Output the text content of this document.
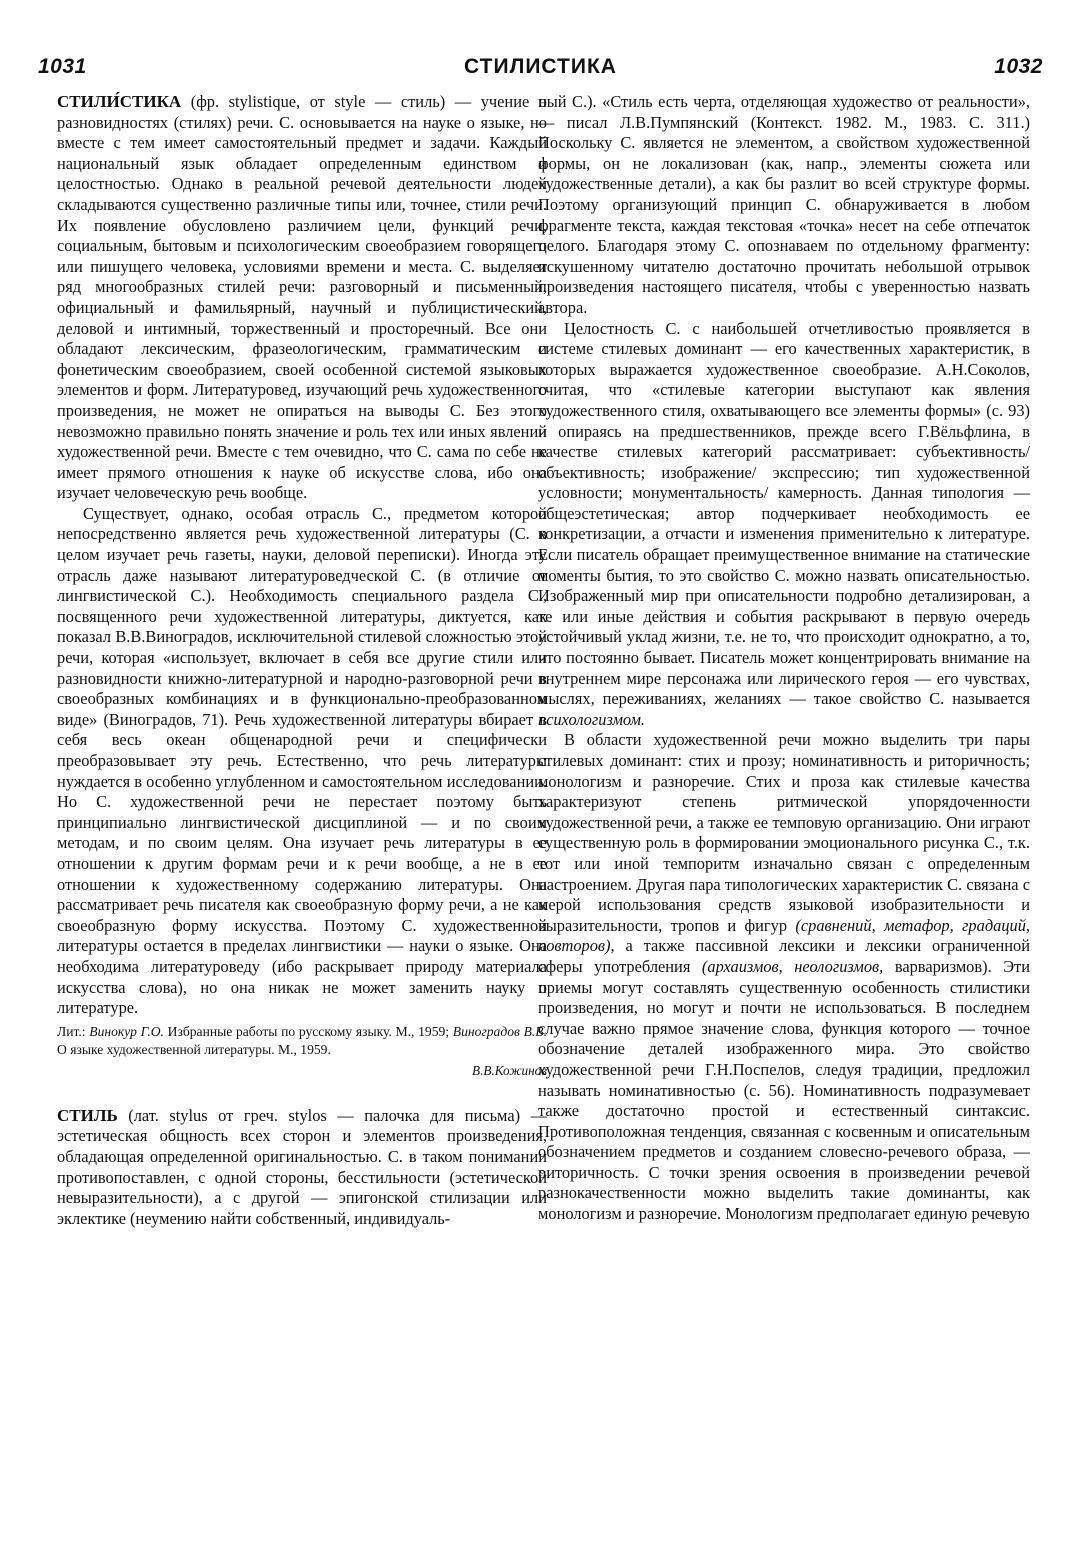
1031	СТИЛИСТИКА	1032

СТИЛИ́СТИКА (фр. stylistique, от style — стиль) — учение о разновидностях (стилях) речи. С. основывается на науке о языке, но вместе с тем имеет самостоятельный предмет и задачи. Каждый национальный язык обладает определенным единством и целостностью. Однако в реальной речевой деятельности людей складываются существенно различные типы или, точнее, стили речи. Их появление обусловлено различием цели, функций речи, социальным, бытовым и психологическим своеобразием говорящего или пишущего человека, условиями времени и места. С. выделяет ряд многообразных стилей речи: разговорный и письменный, официальный и фамильярный, научный и публицистический, деловой и интимный, торжественный и просторечный. Все они обладают лексическим, фразеологическим, грамматическим и фонетическим своеобразием, своей особенной системой языковых элементов и форм. Литературовед, изучающий речь художественного произведения, не может не опираться на выводы С. Без этого невозможно правильно понять значение и роль тех или иных явлений художественной речи. Вместе с тем очевидно, что С. сама по себе не имеет прямого отношения к науке об искусстве слова, ибо она изучает человеческую речь вообще.

Существует, однако, особая отрасль С., предметом которой непосредственно является речь художественной литературы (С. в целом изучает речь газеты, науки, деловой переписки). Иногда эту отрасль даже называют литературоведческой С. (в отличие от лингвистической С.). Необходимость специального раздела С., посвященного речи художественной литературы, диктуется, как показал В.В.Виноградов, исключительной стилевой сложностью этой речи, которая «использует, включает в себя все другие стили или разновидности книжно-литературной и народно-разговорной речи в своеобразных комбинациях и в функционально-преобразованном виде» (Виноградов, 71). Речь художественной литературы вбирает в себя весь океан общенародной речи и специфически преобразовывает эту речь. Естественно, что речь литературы нуждается в особенно углубленном и самостоятельном исследовании. Но С. художественной речи не перестает поэтому быть принципиально лингвистической дисциплиной — и по своим методам, и по своим целям. Она изучает речь литературы в ее отношении к другим формам речи и к речи вообще, а не в ее отношении к художественному содержанию литературы. Она рассматривает речь писателя как своеобразную форму речи, а не как своеобразную форму искусства. Поэтому С. художественной литературы остается в пределах лингвистики — науки о языке. Она необходима литературоведу (ибо раскрывает природу материала искусства слова), но она никак не может заменить науку о литературе.

Лит.: Винокур Г.О. Избранные работы по русскому языку. М., 1959; Виноградов В.В. О языке художественной литературы. М., 1959.
В.В.Кожинов

СТИЛЬ (лат. stylus от греч. stylos — палочка для письма) — эстетическая общность всех сторон и элементов произведения, обладающая определенной оригинальностью. С. в таком понимании противопоставлен, с одной стороны, бесстильности (эстетической невыразительности), а с другой — эпигонской стилизации или эклектике (неумению найти собственный, индивидуаль-

ный С.). «Стиль есть черта, отделяющая художество от реальности», — писал Л.В.Пумпянский (Контекст. 1982. М., 1983. С. 311.) Поскольку С. является не элементом, а свойством художественной формы, он не локализован (как, напр., элементы сюжета или художественные детали), а как бы разлит во всей структуре формы. Поэтому организующий принцип С. обнаруживается в любом фрагменте текста, каждая текстовая «точка» несет на себе отпечаток целого. Благодаря этому С. опознаваем по отдельному фрагменту: искушенному читателю достаточно прочитать небольшой отрывок произведения настоящего писателя, чтобы с уверенностью назвать автора.

Целостность С. с наибольшей отчетливостью проявляется в системе стилевых доминант — его качественных характеристик, в которых выражается художественное своеобразие. А.Н.Соколов, считая, что «стилевые категории выступают как явления художественного стиля, охватывающего все элементы формы» (с. 93) и опираясь на предшественников, прежде всего Г.Вёльфлина, в качестве стилевых категорий рассматривает: субъективность/объективность; изображение/ экспрессию; тип художественной условности; монументальность/ камерность. Данная типология — общеэстетическая; автор подчеркивает необходимость ее конкретизации, а отчасти и изменения применительно к литературе. Если писатель обращает преимущественное внимание на статические моменты бытия, то это свойство С. можно назвать описательностью. Изображенный мир при описательности подробно детализирован, а те или иные действия и события раскрывают в первую очередь устойчивый уклад жизни, т.е. не то, что происходит однократно, а то, что постоянно бывает. Писатель может концентрировать внимание на внутреннем мире персонажа или лирического героя — его чувствах, мыслях, переживаниях, желаниях — такое свойство С. называется психологизмом.

В области художественной речи можно выделить три пары стилевых доминант: стих и прозу; номинативность и риторичность; монологизм и разноречие. Стих и проза как стилевые качества характеризуют степень ритмической упорядоченности художественной речи, а также ее темповую организацию. Они играют существенную роль в формировании эмоционального рисунка С., т.к. тот или иной темпоритм изначально связан с определенным настроением. Другая пара типологических характеристик С. связана с мерой использования средств языковой изобразительности и выразительности, тропов и фигур (сравнений, метафор, градаций, повторов), а также пассивной лексики и лексики ограниченной сферы употребления (архаизмов, неологизмов, варваризмов). Эти приемы могут составлять существенную особенность стилистики произведения, но могут и почти не использоваться. В последнем случае важно прямое значение слова, функция которого — точное обозначение деталей изображенного мира. Это свойство художественной речи Г.Н.Поспелов, следуя традиции, предложил называть номинативностью (с. 56). Номинативность подразумевает также достаточно простой и естественный синтаксис. Противоположная тенденция, связанная с косвенным и описательным обозначением предметов и созданием словесно-речевого образа, — риторичность. С точки зрения освоения в произведении речевой разнокачественности можно выделить такие доминанты, как монологизм и разноречие. Монологизм предполагает единую речевую
